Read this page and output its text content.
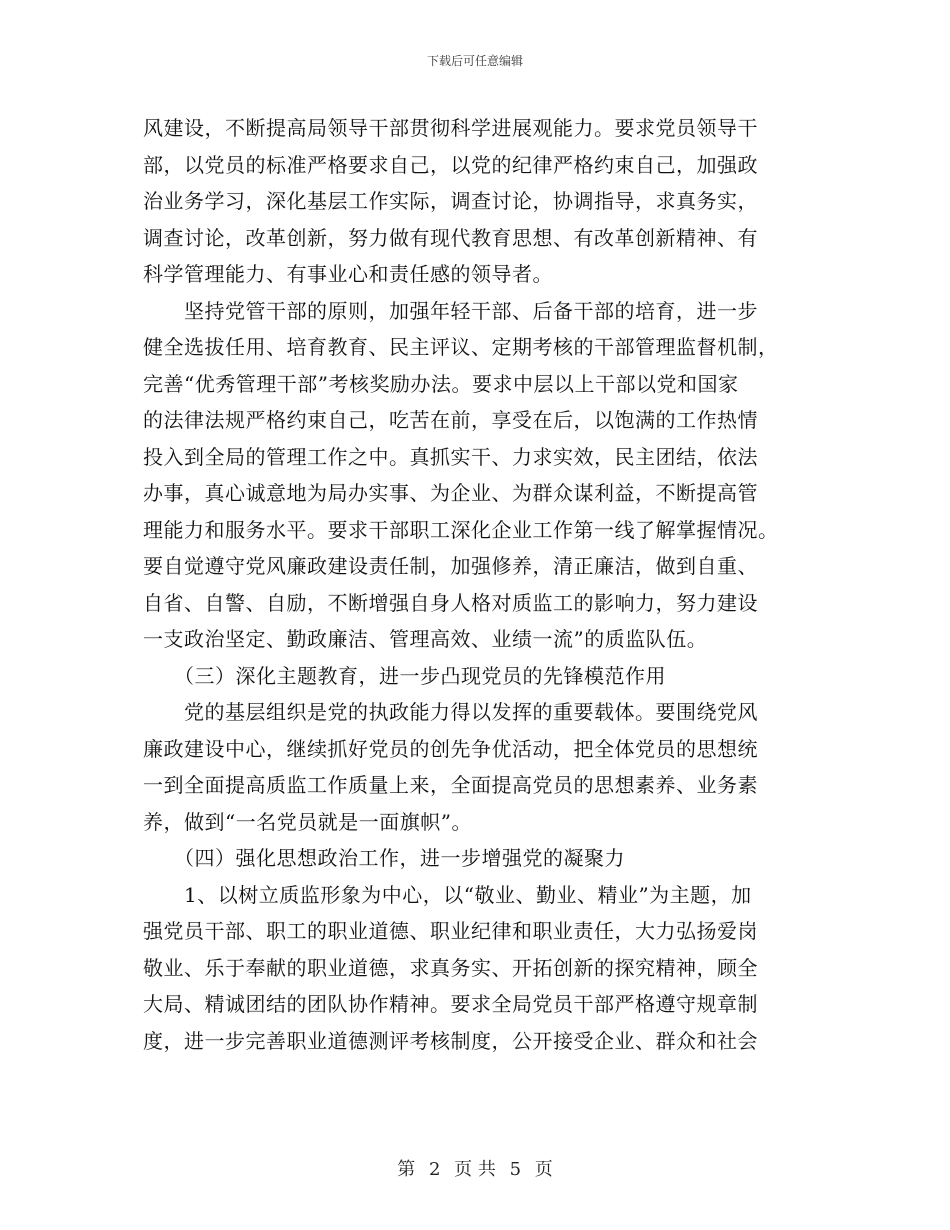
下载后可任意编辑
风建设，不断提高局领导干部贯彻科学进展观能力。要求党员领导干
部，以党员的标准严格要求自己，以党的纪律严格约束自己，加强政
治业务学习，深化基层工作实际，调查讨论，协调指导，求真务实，
调查讨论，改革创新，努力做有现代教育思想、有改革创新精神、有
科学管理能力、有事业心和责任感的领导者。
　　坚持党管干部的原则，加强年轻干部、后备干部的培育，进一步
健全选拔任用、培育教育、民主评议、定期考核的干部管理监督机制，
完善“优秀管理干部”考核奖励办法。要求中层以上干部以党和国家
的法律法规严格约束自己，吃苦在前，享受在后，以饱满的工作热情
投入到全局的管理工作之中。真抓实干、力求实效，民主团结，依法
办事，真心诚意地为局办实事、为企业、为群众谋利益，不断提高管
理能力和服务水平。要求干部职工深化企业工作第一线了解掌握情况。
要自觉遵守党风廉政建设责任制，加强修养，清正廉洁，做到自重、
自省、自警、自励，不断增强自身人格对质监工的影响力，努力建设
一支政治坚定、勤政廉洁、管理高效、业绩一流”的质监队伍。
　　（三）深化主题教育，进一步凸现党员的先锋模范作用
　　党的基层组织是党的执政能力得以发挥的重要载体。要围绕党风
廉政建设中心，继续抓好党员的创先争优活动，把全体党员的思想统
一到全面提高质监工作质量上来，全面提高党员的思想素养、业务素
养，做到“一名党员就是一面旗帜”。
　　（四）强化思想政治工作，进一步增强党的凝聚力
　　1、以树立质监形象为中心，以“敬业、勤业、精业”为主题，加
强党员干部、职工的职业道德、职业纪律和职业责任，大力弘扬爱岗
敬业、乐于奉献的职业道德，求真务实、开拓创新的探究精神，顾全
大局、精诚团结的团队协作精神。要求全局党员干部严格遵守规章制
度，进一步完善职业道德测评考核制度，公开接受企业、群众和社会
第 2 页 共 5 页
